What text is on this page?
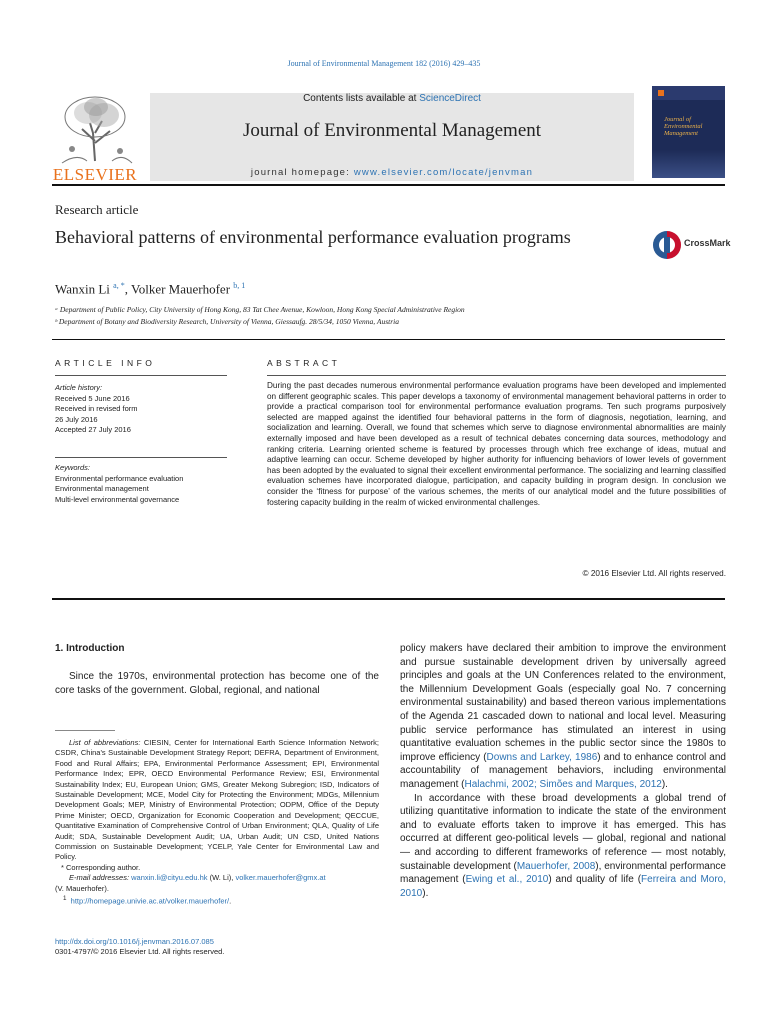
Journal of Environmental Management 182 (2016) 429–435
ELSEVIER
Contents lists available at ScienceDirect
Journal of Environmental Management
journal homepage: www.elsevier.com/locate/jenvman
Journal of
Environmental
Management
Research article
Behavioral patterns of environmental performance evaluation programs	CrossMark
Wanxin Li $^{a, *}$, Volker Mauerhofer $^{b, 1}$
ᵃ Department of Public Policy, City University of Hong Kong, 83 Tat Chee Avenue, Kowloon, Hong Kong Special Administrative Region
ᵇ Department of Botany and Biodiversity Research, University of Vienna, Giessaufg. 28/5/34, 1050 Vienna, Austria
ARTICLE INFO
Article history:
Received 5 June 2016
Received in revised form
26 July 2016
Accepted 27 July 2016
Keywords:
Environmental performance evaluation
Environmental management
Multi-level environmental governance
ABSTRACT
During the past decades numerous environmental performance evaluation programs have been developed and implemented on different geographic scales. This paper develops a taxonomy of environmental management behavioral patterns in order to provide a practical comparison tool for environmental performance evaluation programs. Ten such programs purposively selected are mapped against the identified four behavioral patterns in the form of diagnosis, negotiation, learning, and socialization and learning. Overall, we found that schemes which serve to diagnose environmental abnormalities are mainly externally imposed and have been developed as a result of technical debates concerning data sources, methodology and ranking criteria. Learning oriented scheme is featured by processes through which free exchange of ideas, mutual and adaptive learning can occur. Scheme developed by higher authority for influencing behaviors of lower levels of government has been adopted by the evaluated to signal their excellent environmental performance. The socializing and learning classified evaluation schemes have incorporated dialogue, participation, and capacity building in program design. In conclusion we consider the ‘fitness for purpose’ of the various schemes, the merits of our analytical model and the future possibilities of fostering capacity building in the realm of wicked environmental challenges.
© 2016 Elsevier Ltd. All rights reserved.
1. Introduction
Since the 1970s, environmental protection has become one of the core tasks of the government. Global, regional, and national
policy makers have declared their ambition to improve the environment and pursue sustainable development driven by universally agreed principles and goals at the UN Conferences related to the environment, the Millennium Development Goals (especially goal No. 7 concerning environmental sustainability) and based thereon various implementations of the Agenda 21 cascaded down to national and local level. Measuring public service performance has stimulated an interest in using quantitative evaluation schemes in the public sector since the 1980s to improve efficiency (Downs and Larkey, 1986) and to enhance control and accountability of management behaviors, including environmental management (Halachmi, 2002; Simões and Marques, 2012).
In accordance with these broad developments a global trend of utilizing quantitative information to indicate the state of the environment and to evaluate efforts taken to improve it has emerged. This has occurred at different geo-political levels — global, regional and national — and according to different frameworks of reference — most notably, sustainable development (Mauerhofer, 2008), environmental performance management (Ewing et al., 2010) and quality of life (Ferreira and Moro, 2010).
List of abbreviations: CIESIN, Center for International Earth Science Information Network; CSDR, China's Sustainable Development Strategy Report; DEFRA, Department of Environment, Food and Rural Affairs; EPA, Environmental Performance Assessment; EPI, Environmental Performance Index; EPR, OECD Environmental Performance Review; ESI, Environmental Sustainability Index; EU, European Union; GMS, Greater Mekong Subregion; ISD, Indicators of Sustainable Development; MCE, Model City for Protecting the Environment; MDGs, Millennium Development Goals; MEP, Ministry of Environmental Protection; ODPM, Office of the Deputy Prime Minister; OECD, Organization for Economic Cooperation and Development; QECCUE, Quantitative Examination of Comprehensive Control of Urban Environment; QLA, Quality of Life Audit; SDA, Sustainable Development Audit; UA, Urban Audit; UN CSD, United Nations Commission on Sustainable Development; YCELP, Yale Center for Environmental Law and Policy.
* Corresponding author.
E-mail addresses: wanxin.li@cityu.edu.hk (W. Li), volker.mauerhofer@gmx.at
(V. Mauerhofer).
$^1$ http://homepage.univie.ac.at/volker.mauerhofer/.
http://dx.doi.org/10.1016/j.jenvman.2016.07.085
0301-4797/© 2016 Elsevier Ltd. All rights reserved.
